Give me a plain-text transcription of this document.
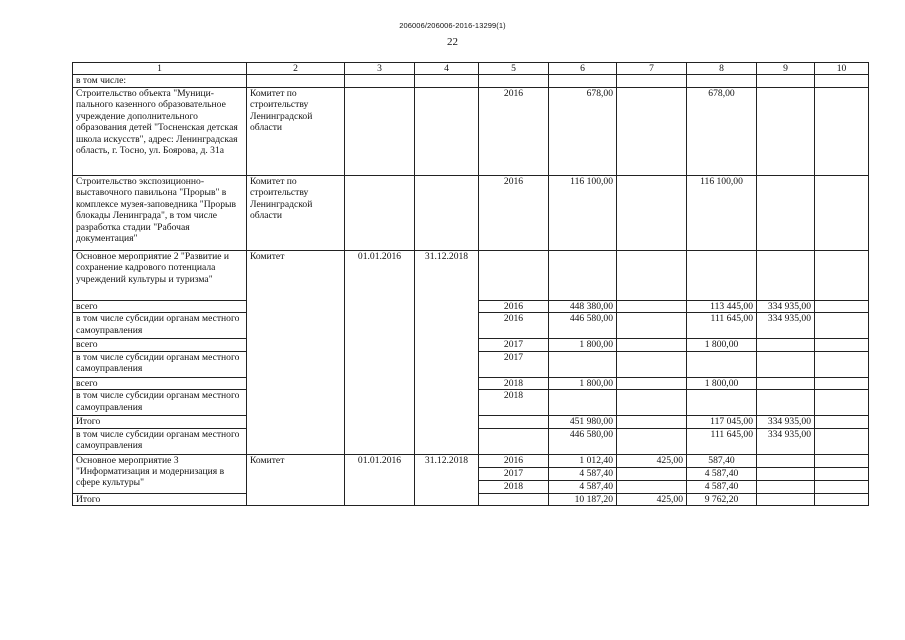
206006/206006-2016-13299(1)
22
1	2	3	4	5	6	7	8	9	10
в том числе:									
Строительство объекта "Муници-пального казенного образовательное учреждение дополнительного образования детей "Тосненская детская школа искусств", адрес: Ленинградская область, г. Тосно, ул. Боярова, д. 31а	Комитет по строительству Ленинградской области			2016	678,00		678,00		
Строительство экспозиционно-выставочного павильона "Прорыв" в комплексе музея-заповедника "Прорыв блокады Ленинграда", в том числе разработка стадии "Рабочая документация"	Комитет по строительству Ленинградской области			2016	116 100,00		116 100,00		
Основное мероприятие 2 "Развитие и сохранение кадрового потенциала учреждений культуры и туризма"	Комитет	01.01.2016	31.12.2018						
всего				2016	448 380,00		113 445,00	334 935,00	
в том числе субсидии органам местного самоуправления				2016	446 580,00		111 645,00	334 935,00	
всего				2017	1 800,00		1 800,00		
в том числе субсидии органам местного самоуправления				2017					
всего				2018	1 800,00		1 800,00		
в том числе субсидии органам местного самоуправления				2018					
Итого					451 980,00		117 045,00	334 935,00	
в том числе субсидии органам местного самоуправления					446 580,00		111 645,00	334 935,00	
Основное мероприятие 3 "Информатизация и модернизация в сфере культуры"	Комитет	01.01.2016	31.12.2018	2016	1 012,40	425,00	587,40		
				2017	4 587,40		4 587,40		
				2018	4 587,40		4 587,40		
Итого					10 187,20	425,00	9 762,20		
